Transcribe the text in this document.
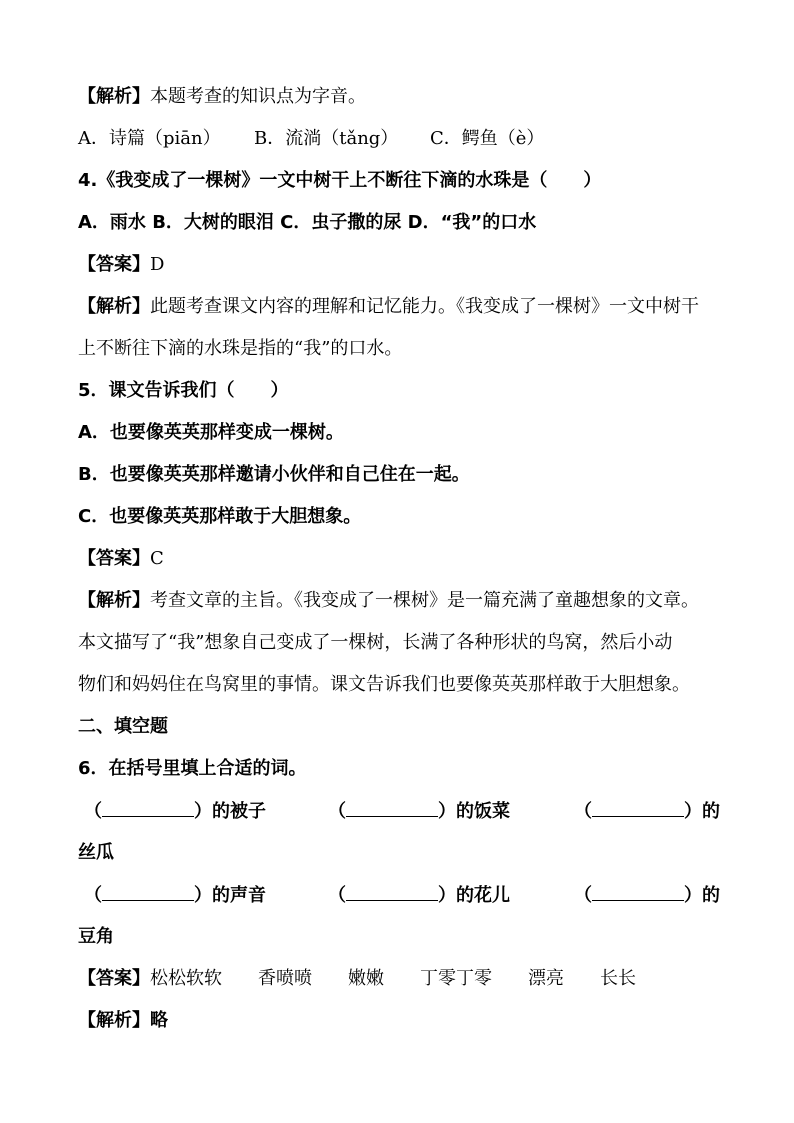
【解析】本题考查的知识点为字音。
A．诗篇（piān） B．流淌（tǎng） C．鳄鱼（è）
4.《我变成了一棵树》一文中树干上不断往下滴的水珠是（　　）
A．雨水 B．大树的眼泪 C．虫子撒的尿 D．“我”的口水
【答案】D
【解析】此题考查课文内容的理解和记忆能力。《我变成了一棵树》一文中树干
上不断往下滴的水珠是指的“我”的口水。
5．课文告诉我们（　　）
A．也要像英英那样变成一棵树。
B．也要像英英那样邀请小伙伴和自己住在一起。
C．也要像英英那样敢于大胆想象。
【答案】C
【解析】考查文章的主旨。《我变成了一棵树》是一篇充满了童趣想象的文章。
本文描写了“我”想象自己变成了一棵树，长满了各种形状的鸟窝，然后小动
物们和妈妈住在鸟窝里的事情。课文告诉我们也要像英英那样敢于大胆想象。
二、填空题
6．在括号里填上合适的词。
（	）的被子	（	）的饭菜	（	）的
丝瓜
（	）的声音	（	）的花儿	（	）的
豆角
【答案】松松软软 香喷喷 嫩嫩 丁零丁零 漂亮 长长
【解析】略
